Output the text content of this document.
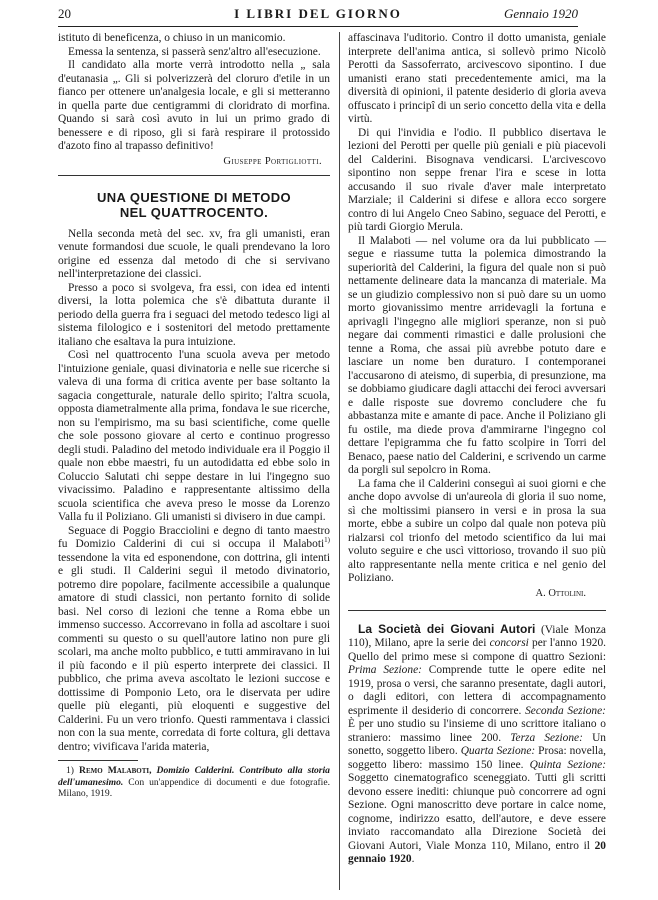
20	I LIBRI DEL GIORNO	Gennaio 1920

istituto di beneficenza, o chiuso in un manicomio.

Emessa la sentenza, si passerà senz'altro all'esecuzione.

Il candidato alla morte verrà introdotto nella „ sala d'eutanasia „. Gli si polverizzerà del cloruro d'etile in un fianco per ottenere un'analgesia locale, e gli si metteranno in quella parte due centigrammi di cloridrato di morfina. Quando si sarà così avuto in lui un primo grado di benessere e di riposo, gli si farà respirare il protossido d'azoto fino al trapasso definitivo!

Giuseppe Portigliotti.
UNA QUESTIONE DI METODO
NEL QUATTROCENTO.

Nella seconda metà del sec. xv, fra gli umanisti, eran venute formandosi due scuole, le quali prendevano la loro origine ed essenza dal metodo di che si servivano nell'interpretazione dei classici.

Presso a poco si svolgeva, fra essi, con idea ed intenti diversi, la lotta polemica che s'è dibattuta durante il periodo della guerra fra i seguaci del metodo tedesco ligi al sistema filologico e i sostenitori del metodo prettamente italiano che esaltava la pura intuizione.

Così nel quattrocento l'una scuola aveva per metodo l'intuizione geniale, quasi divinatoria e nelle sue ricerche si valeva di una forma di critica avente per base soltanto la sagacia congetturale, naturale dello spirito; l'altra scuola, opposta diametralmente alla prima, fondava le sue ricerche, non su l'empirismo, ma su basi scientifiche, come quelle che sole possono giovare al certo e continuo progresso degli studi. Paladino del metodo individuale era il Poggio il quale non ebbe maestri, fu un autodidatta ed ebbe solo in Coluccio Salutati chi seppe destare in lui l'ingegno suo vivacissimo. Paladino e rappresentante altissimo della scuola scientifica che aveva preso le mosse da Lorenzo Valla fu il Poliziano. Gli umanisti si divisero in due campi.

Seguace di Poggio Bracciolini e degno di tanto maestro fu Domizio Calderini di cui si occupa il Malaboti$^{1)}$ tessendone la vita ed esponendone, con dottrina, gli intenti e gli studi. Il Calderini seguì il metodo divinatorio, potremo dire popolare, facilmente accessibile a qualunque amatore di studi classici, non pertanto fornito di solide basi. Nel corso di lezioni che tenne a Roma ebbe un immenso successo. Accorrevano in folla ad ascoltare i suoi commenti su questo o su quell'autore latino non pure gli scolari, ma anche molto pubblico, e tutti ammiravano in lui il più facondo e il più esperto interprete dei classici. Il pubblico, che prima aveva ascoltato le lezioni succose e dottissime di Pomponio Leto, ora le diservata per udire quelle più eleganti, più eloquenti e suggestive del Calderini. Fu un vero trionfo. Questi rammentava i classici non con la sua mente, corredata di forte coltura, gli dettava dentro; vivificava l'arida materia,

1) Remo Malaboti, Domizio Calderini. Contributo alla storia dell'umanesimo. Con un'appendice di documenti e due fotografie. Milano, 1919.

affascinava l'uditorio. Contro il dotto umanista, geniale interprete dell'anima antica, si sollevò primo Nicolò Perotti da Sassoferrato, arcivescovo sipontino. I due umanisti erano stati precedentemente amici, ma la diversità di opinioni, il patente desiderio di gloria aveva offuscato i principî di un serio concetto della vita e della virtù.

Di qui l'invidia e l'odio. Il pubblico disertava le lezioni del Perotti per quelle più geniali e più piacevoli del Calderini. Bisognava vendicarsi. L'arcivescovo sipontino non seppe frenar l'ira e scese in lotta accusando il suo rivale d'aver male interpretato Marziale; il Calderini si difese e allora ecco sorgere contro di lui Angelo Cneo Sabino, seguace del Perotti, e più tardi Giorgio Merula.

Il Malaboti — nel volume ora da lui pubblicato — segue e riassume tutta la polemica dimostrando la superiorità del Calderini, la figura del quale non si può nettamente delineare data la mancanza di materiale. Ma se un giudizio complessivo non si può dare su un uomo morto giovanissimo mentre arridevagli la fortuna e aprivagli l'ingegno alle migliori speranze, non si può negare dai commenti rimastici e dalle prolusioni che tenne a Roma, che assai più avrebbe potuto dare e lasciare un nome ben duraturo. I contemporanei l'accusarono di ateismo, di superbia, di presunzione, ma se dobbiamo giudicare dagli attacchi dei feroci avversari e dalle risposte sue dovremo concludere che fu abbastanza mite e amante di pace. Anche il Poliziano gli fu ostile, ma diede prova d'ammirarne l'ingegno col dettare l'epigramma che fu fatto scolpire in Torri del Benaco, paese natio del Calderini, e scrivendo un carme da porgli sul sepolcro in Roma.

La fama che il Calderini conseguì ai suoi giorni e che anche dopo avvolse di un'aureola di gloria il suo nome, sì che moltissimi pianserо in versi e in prosa la sua morte, ebbe a subire un colpo dal quale non poteva più rialzarsi col trionfo del metodo scientifico da lui mai voluto seguire e che uscì vittorioso, trovando il suo più alto rappresentante nella mente critica e nel genio del Poliziano.

A. Ottolini.

La Società dei Giovani Autori (Viale Monza 110), Milano, apre la serie dei concorsi per l'anno 1920. Quello del primo mese si compone di quattro Sezioni: Prima Sezione: Comprende tutte le opere edite nel 1919, prosa o versi, che saranno presentate, dagli autori, o dagli editori, con lettera di accompagnamento esprimente il desiderio di concorrere. Seconda Sezione: È per uno studio su l'insieme di uno scrittore italiano o straniero: massimo linee 200. Terza Sezione: Un sonetto, soggetto libero. Quarta Sezione: Prosa: novella, soggetto libero: massimo 150 linee. Quinta Sezione: Soggetto cinematografico sceneggiato. Tutti gli scritti devono essere inediti: chiunque può concorrere ad ogni Sezione. Ogni manoscritto deve portare in calce nome, cognome, indirizzo esatto, dell'autore, e deve essere inviato raccomandato alla Direzione Società dei Giovani Autori, Viale Monza 110, Milano, entro il 20 gennaio 1920.
